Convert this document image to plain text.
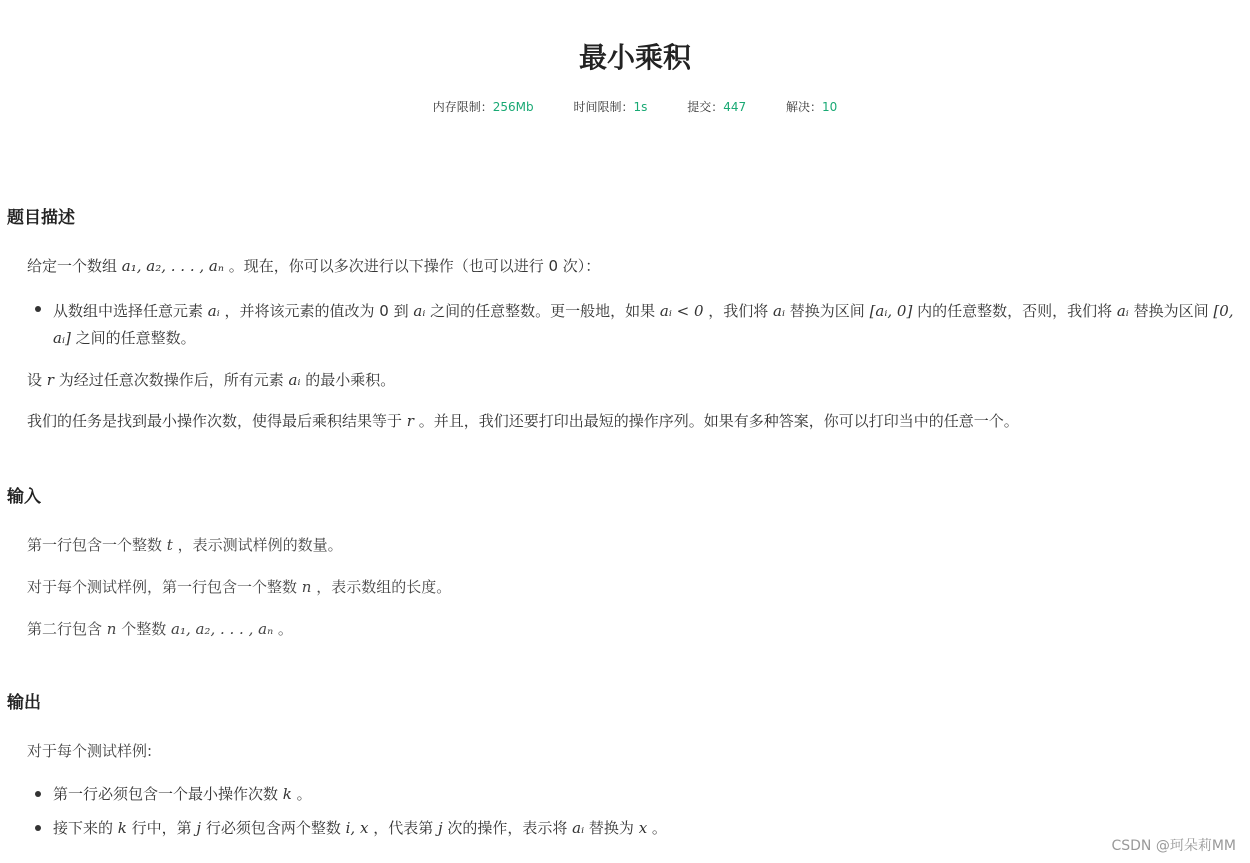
最小乘积
内存限制：256Mb	时间限制：1s	提交：447	解决：10
题目描述
给定一个数组 a₁, a₂, . . . , aₙ 。现在，你可以多次进行以下操作（也可以进行 0 次）：
从数组中选择任意元素 aᵢ ，并将该元素的值改为 0 到 aᵢ 之间的任意整数。更一般地，如果 aᵢ < 0 ，我们将 aᵢ 替换为区间 [aᵢ, 0] 内的任意整数，否则，我们将 aᵢ 替换为区间 [0, aᵢ] 之间的任意整数。
设 r 为经过任意次数操作后，所有元素 aᵢ 的最小乘积。
我们的任务是找到最小操作次数，使得最后乘积结果等于 r 。并且，我们还要打印出最短的操作序列。如果有多种答案，你可以打印当中的任意一个。
输入
第一行包含一个整数 t ，表示测试样例的数量。
对于每个测试样例，第一行包含一个整数 n ，表示数组的长度。
第二行包含 n 个整数 a₁, a₂, . . . , aₙ 。
输出
对于每个测试样例:
第一行必须包含一个最小操作次数 k 。
接下来的 k 行中，第 j 行必须包含两个整数 i, x ，代表第 j 次的操作，表示将 aᵢ 替换为 x 。
CSDN @珂朵莉MM
